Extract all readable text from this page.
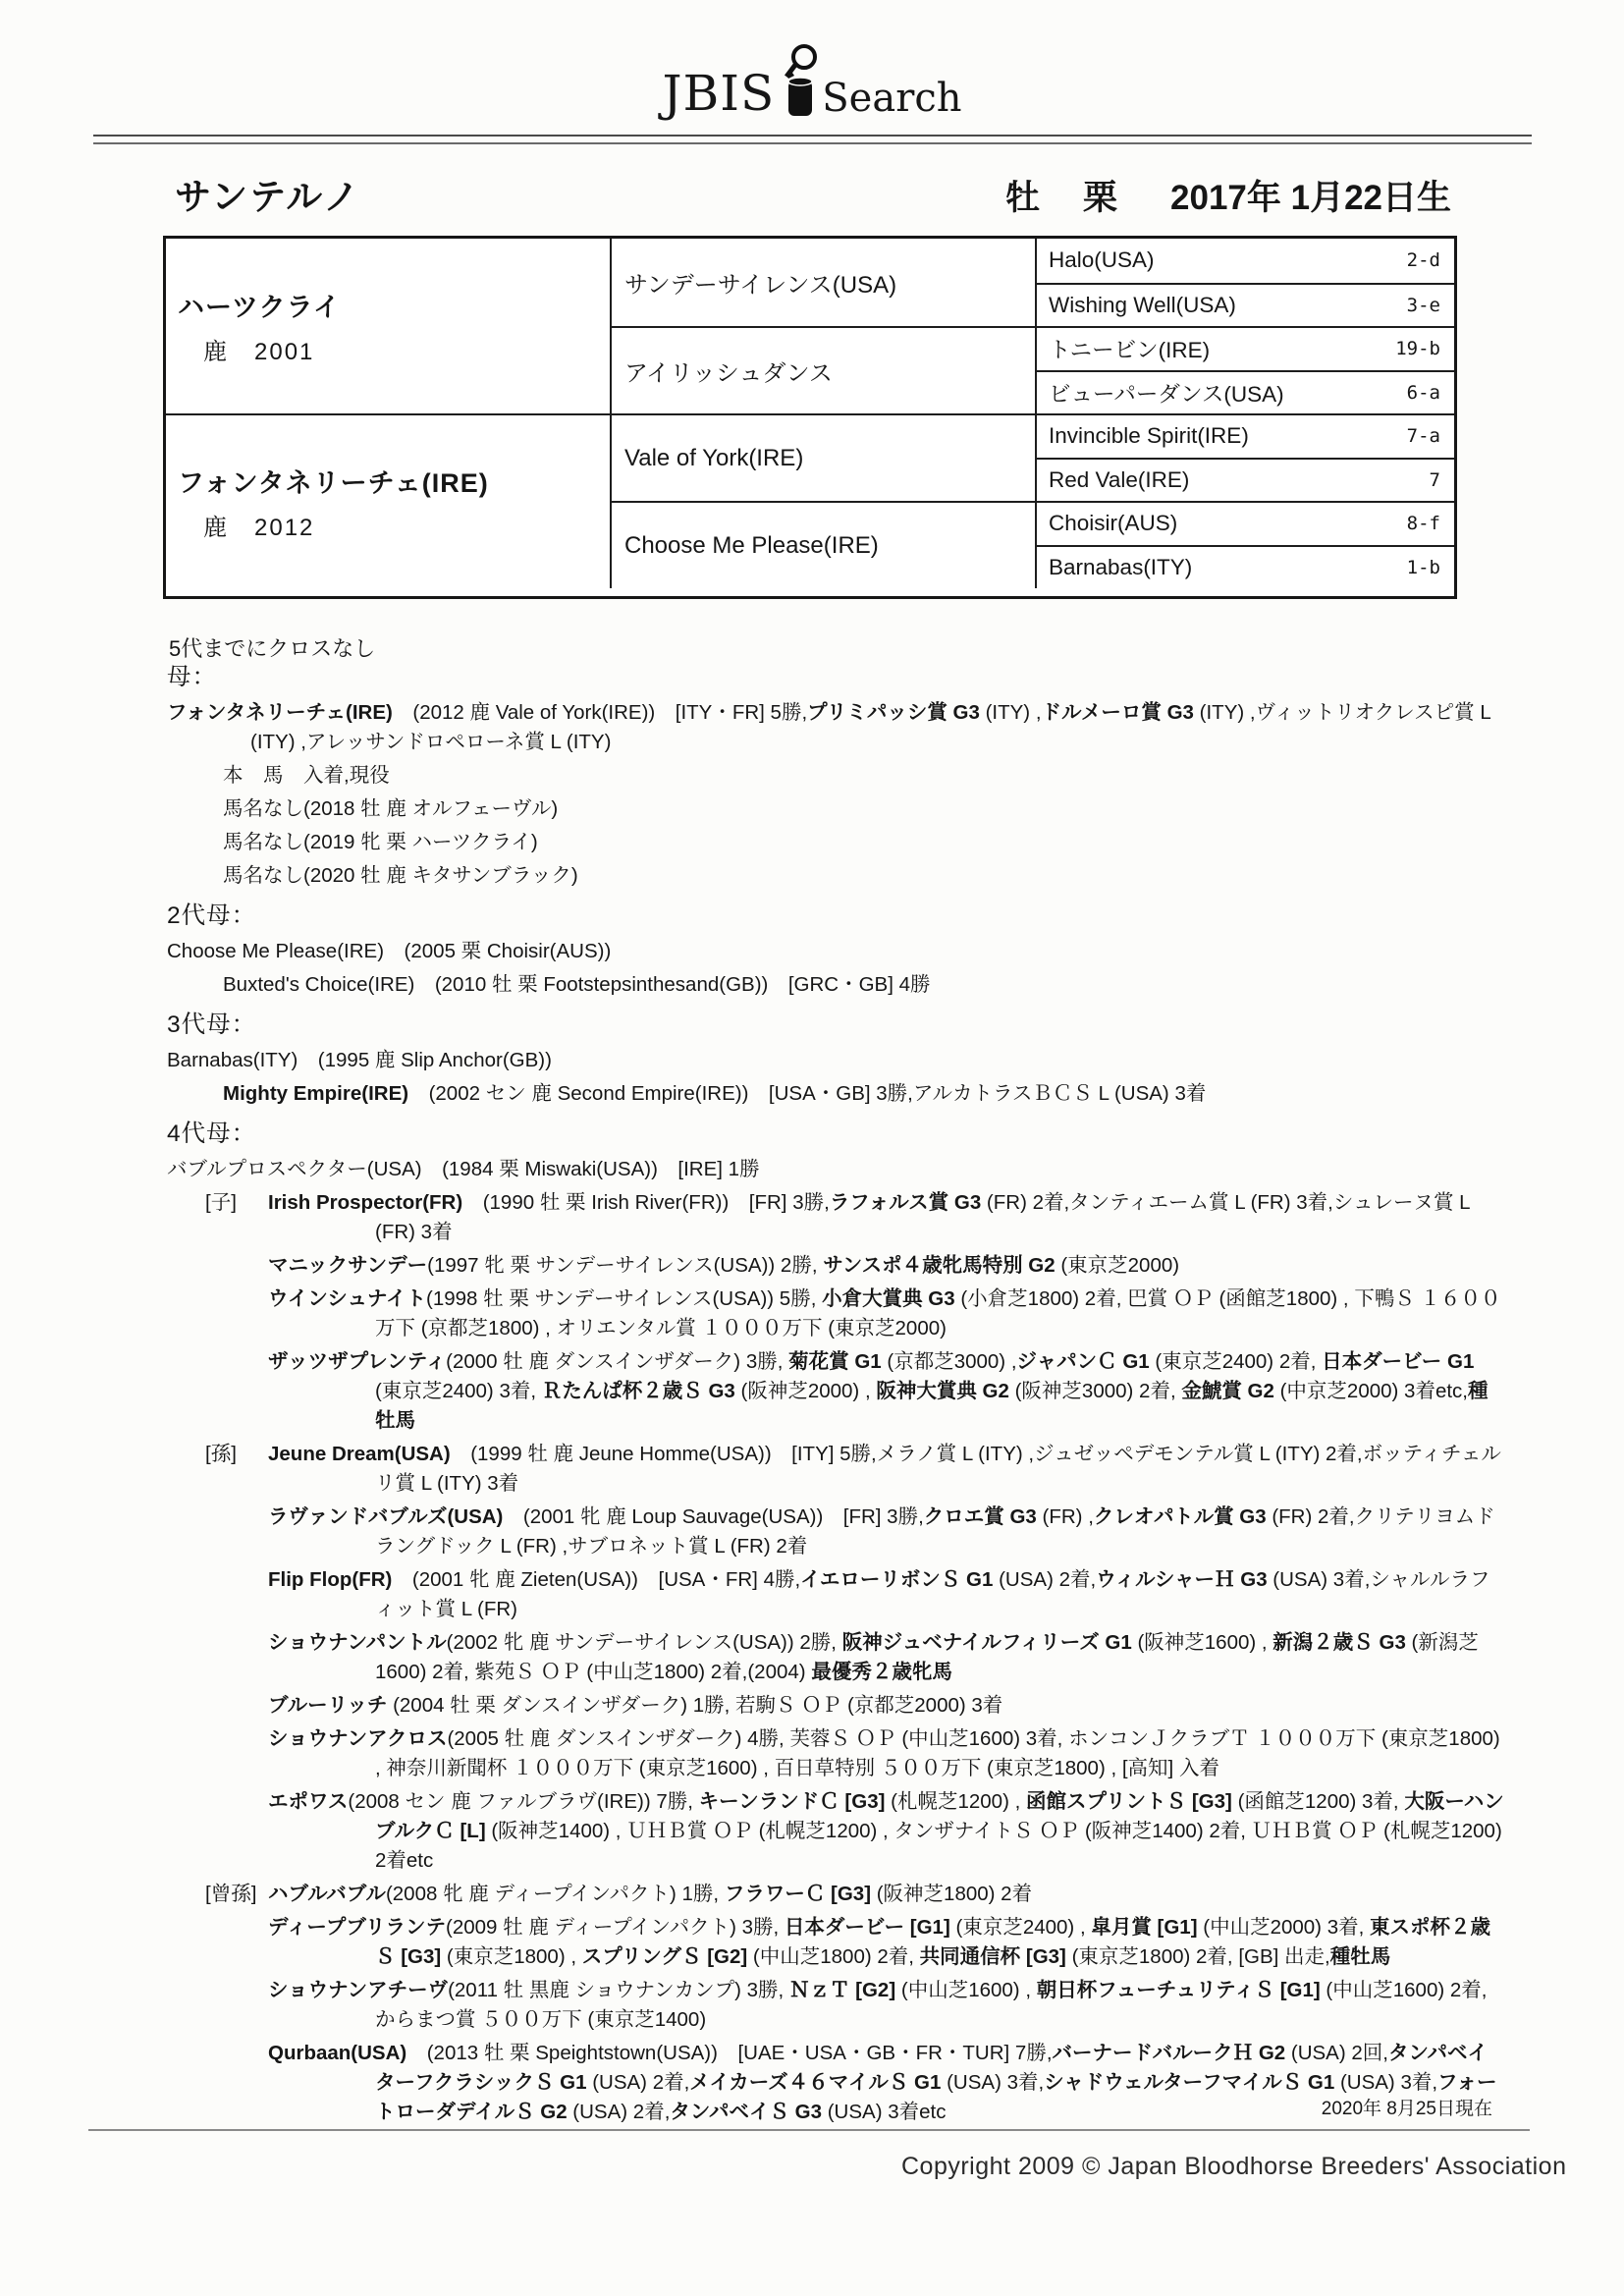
JBIS Search
サンテルノ	牡 栗 2017年 1月22日生
ハーツクライ
鹿　2001
サンデーサイレンス(USA)
Halo(USA)	2-d
Wishing Well(USA)	3-e
アイリッシュダンス
トニービン(IRE)	19-b
ビューパーダンス(USA)	6-a
フォンタネリーチェ(IRE)
鹿　2012
Vale of York(IRE)
Invincible Spirit(IRE)	7-a
Red Vale(IRE)	7
Choose Me Please(IRE)
Choisir(AUS)	8-f
Barnabas(ITY)	1-b
5代までにクロスなし
母：
フォンタネリーチェ(IRE)　(2012 鹿 Vale of York(IRE))　[ITY・FR] 5勝,プリミパッシ賞 G3 (ITY) ,ドルメーロ賞 G3 (ITY) ,ヴィットリオクレスピ賞 L (ITY) ,アレッサンドロペローネ賞 L (ITY)
本　馬　入着,現役
馬名なし(2018 牡 鹿 オルフェーヴル)
馬名なし(2019 牝 栗 ハーツクライ)
馬名なし(2020 牡 鹿 キタサンブラック)
2代母：
Choose Me Please(IRE)　(2005 栗 Choisir(AUS))
Buxted's Choice(IRE)　(2010 牡 栗 Footstepsinthesand(GB))　[GRC・GB] 4勝
3代母：
Barnabas(ITY)　(1995 鹿 Slip Anchor(GB))
Mighty Empire(IRE)　(2002 セン 鹿 Second Empire(IRE))　[USA・GB] 3勝,アルカトラスＢＣＳ L (USA) 3着
4代母：
バブルプロスペクター(USA)　(1984 栗 Miswaki(USA))　[IRE] 1勝
[子] Irish Prospector(FR)　(1990 牡 栗 Irish River(FR))　[FR] 3勝,ラフォルス賞 G3 (FR) 2着,タンティエーム賞 L (FR) 3着,シュレーヌ賞 L (FR) 3着
マニックサンデー(1997 牝 栗 サンデーサイレンス(USA)) 2勝, サンスポ４歳牝馬特別 G2 (東京芝2000)
ウインシュナイト(1998 牡 栗 サンデーサイレンス(USA)) 5勝, 小倉大賞典 G3 (小倉芝1800) 2着, 巴賞 ＯＰ (函館芝1800) , 下鴨Ｓ １６００万下 (京都芝1800) , オリエンタル賞 １０００万下 (東京芝2000)
ザッツザプレンティ(2000 牡 鹿 ダンスインザダーク) 3勝, 菊花賞 G1 (京都芝3000) ,ジャパンＣ G1 (東京芝2400) 2着, 日本ダービー G1 (東京芝2400) 3着, Ｒたんぱ杯２歳Ｓ G3 (阪神芝2000) , 阪神大賞典 G2 (阪神芝3000) 2着, 金鯱賞 G2 (中京芝2000) 3着etc,種牡馬
[孫] Jeune Dream(USA)　(1999 牡 鹿 Jeune Homme(USA))　[ITY] 5勝,メラノ賞 L (ITY) ,ジュゼッペデモンテル賞 L (ITY) 2着,ボッティチェルリ賞 L (ITY) 3着
ラヴァンドバブルズ(USA)　(2001 牝 鹿 Loup Sauvage(USA))　[FR] 3勝,クロエ賞 G3 (FR) ,クレオパトル賞 G3 (FR) 2着,クリテリヨムドラングドック L (FR) ,サブロネット賞 L (FR) 2着
Flip Flop(FR)　(2001 牝 鹿 Zieten(USA))　[USA・FR] 4勝,イエローリボンＳ G1 (USA) 2着,ウィルシャーＨ G3 (USA) 3着,シャルルラフィット賞 L (FR)
ショウナンパントル(2002 牝 鹿 サンデーサイレンス(USA)) 2勝, 阪神ジュベナイルフィリーズ G1 (阪神芝1600) , 新潟２歳Ｓ G3 (新潟芝1600) 2着, 紫苑Ｓ ＯＰ (中山芝1800) 2着,(2004) 最優秀２歳牝馬
ブルーリッチ (2004 牡 栗 ダンスインザダーク) 1勝, 若駒Ｓ ＯＰ (京都芝2000) 3着
ショウナンアクロス(2005 牡 鹿 ダンスインザダーク) 4勝, 芙蓉Ｓ ＯＰ (中山芝1600) 3着, ホンコンＪクラブＴ １０００万下 (東京芝1800) , 神奈川新聞杯 １０００万下 (東京芝1600) , 百日草特別 ５００万下 (東京芝1800) , [高知] 入着
エポワス(2008 セン 鹿 ファルブラヴ(IRE)) 7勝, キーンランドＣ [G3] (札幌芝1200) , 函館スプリントＳ [G3] (函館芝1200) 3着, 大阪ーハンブルクＣ [L] (阪神芝1400) , ＵＨＢ賞 ＯＰ (札幌芝1200) , タンザナイトＳ ＯＰ (阪神芝1400) 2着, ＵＨＢ賞 ＯＰ (札幌芝1200) 2着etc
[曾孫] ハブルバブル(2008 牝 鹿 ディープインパクト) 1勝, フラワーＣ [G3] (阪神芝1800) 2着
ディープブリランテ(2009 牡 鹿 ディープインパクト) 3勝, 日本ダービー [G1] (東京芝2400) , 皐月賞 [G1] (中山芝2000) 3着, 東スポ杯２歳Ｓ [G3] (東京芝1800) , スプリングＳ [G2] (中山芝1800) 2着, 共同通信杯 [G3] (東京芝1800) 2着, [GB] 出走,種牡馬
ショウナンアチーヴ(2011 牡 黒鹿 ショウナンカンプ) 3勝, ＮｚＴ [G2] (中山芝1600) , 朝日杯フューチュリティＳ [G1] (中山芝1600) 2着, からまつ賞 ５００万下 (東京芝1400)
Qurbaan(USA)　(2013 牡 栗 Speightstown(USA))　[UAE・USA・GB・FR・TUR] 7勝,バーナードバルークＨ G2 (USA) 2回,タンパベイターフクラシックＳ G1 (USA) 2着,メイカーズ４６マイルＳ G1 (USA) 3着,シャドウェルターフマイルＳ G1 (USA) 3着,フォートローダデイルＳ G2 (USA) 2着,タンパベイＳ G3 (USA) 3着etc	2020年 8月25日現在
Copyright 2009 © Japan Bloodhorse Breeders' Association
